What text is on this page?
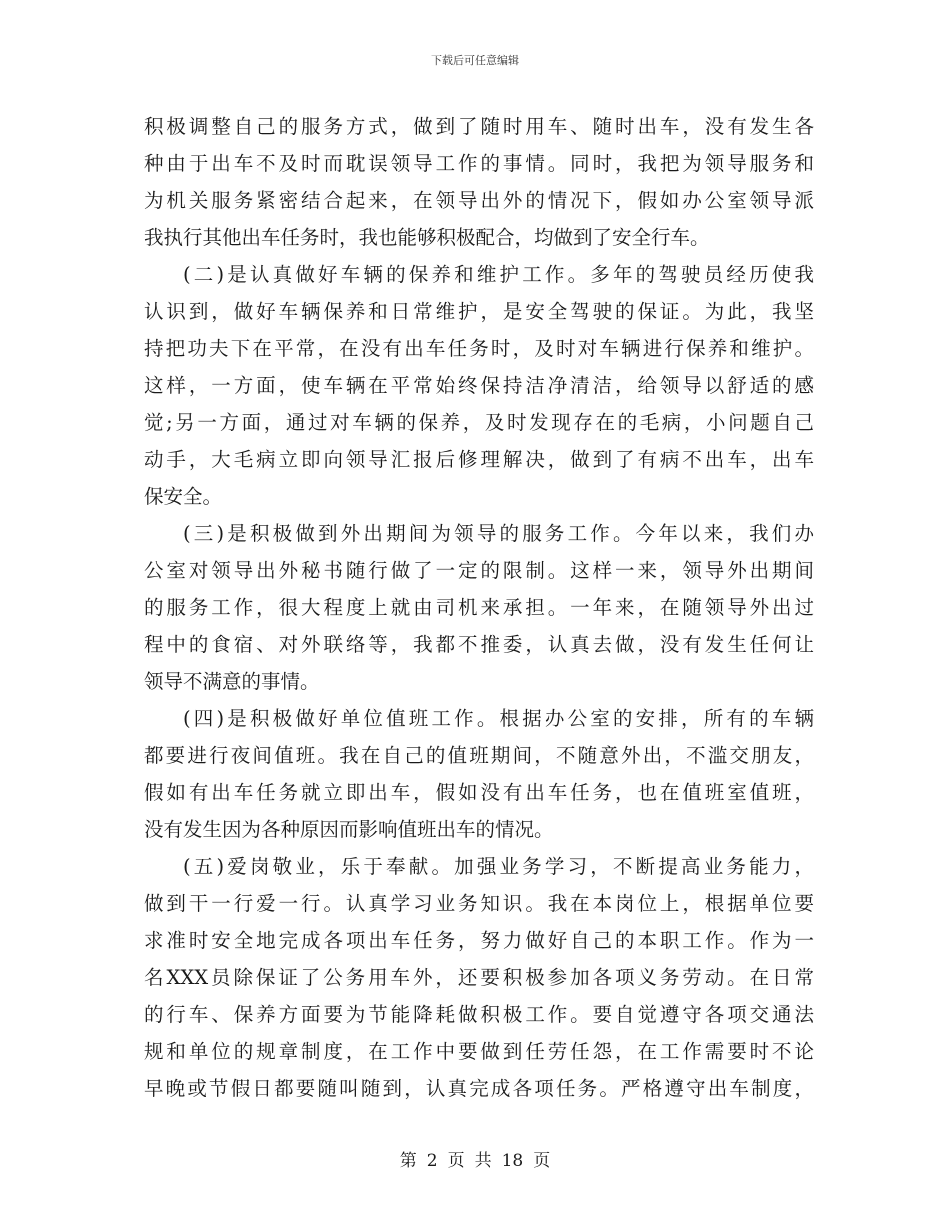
下载后可任意编辑
积极调整自己的服务方式，做到了随时用车、随时出车，没有发生各
种由于出车不及时而耽误领导工作的事情。同时，我把为领导服务和
为机关服务紧密结合起来，在领导出外的情况下，假如办公室领导派
我执行其他出车任务时，我也能够积极配合，均做到了安全行车。
(二)是认真做好车辆的保养和维护工作。多年的驾驶员经历使我
认识到，做好车辆保养和日常维护，是安全驾驶的保证。为此，我坚
持把功夫下在平常，在没有出车任务时，及时对车辆进行保养和维护。
这样，一方面，使车辆在平常始终保持洁净清洁，给领导以舒适的感
觉;另一方面，通过对车辆的保养，及时发现存在的毛病，小问题自己
动手，大毛病立即向领导汇报后修理解决，做到了有病不出车，出车
保安全。
(三)是积极做到外出期间为领导的服务工作。今年以来，我们办
公室对领导出外秘书随行做了一定的限制。这样一来，领导外出期间
的服务工作，很大程度上就由司机来承担。一年来，在随领导外出过
程中的食宿、对外联络等，我都不推委，认真去做，没有发生任何让
领导不满意的事情。
(四)是积极做好单位值班工作。根据办公室的安排，所有的车辆
都要进行夜间值班。我在自己的值班期间，不随意外出，不滥交朋友，
假如有出车任务就立即出车，假如没有出车任务，也在值班室值班，
没有发生因为各种原因而影响值班出车的情况。
(五)爱岗敬业，乐于奉献。加强业务学习，不断提高业务能力，
做到干一行爱一行。认真学习业务知识。我在本岗位上，根据单位要
求准时安全地完成各项出车任务，努力做好自己的本职工作。作为一
名XXX员除保证了公务用车外，还要积极参加各项义务劳动。在日常
的行车、保养方面要为节能降耗做积极工作。要自觉遵守各项交通法
规和单位的规章制度，在工作中要做到任劳任怨，在工作需要时不论
早晚或节假日都要随叫随到，认真完成各项任务。严格遵守出车制度，
第 2 页 共 18 页
